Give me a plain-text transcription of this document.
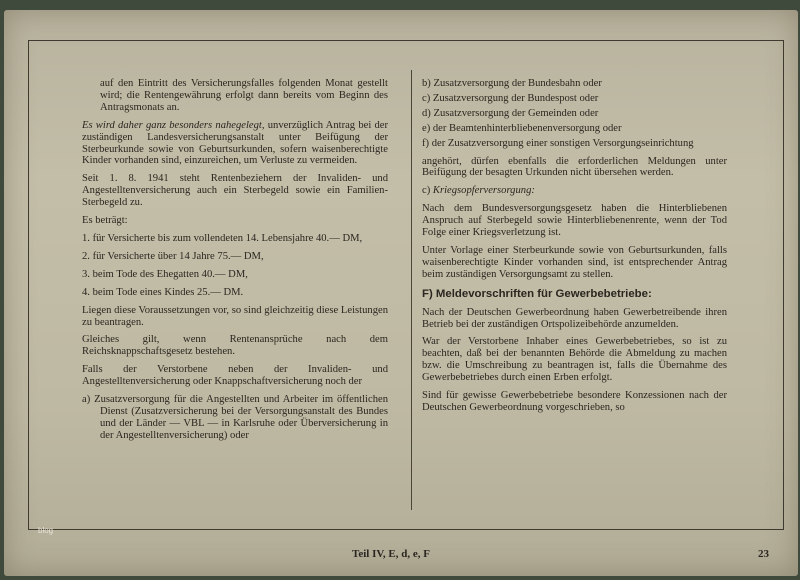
auf den Eintritt des Versicherungsfalles folgenden Monat gestellt wird; die Rentengewährung erfolgt dann bereits vom Beginn des Antragsmonats an.

Es wird daher ganz besonders nahegelegt, unverzüglich Antrag bei der zuständigen Landesversicherungsanstalt unter Beifügung der Sterbeurkunde sowie von Geburtsurkunden, sofern waisenberechtigte Kinder vorhanden sind, einzureichen, um Verluste zu vermeiden.

Seit 1. 8. 1941 steht Rentenbeziehern der Invaliden- und Angestelltenversicherung auch ein Sterbegeld sowie ein Familien-Sterbegeld zu.

Es beträgt:

1. für Versicherte bis zum vollendeten 14. Lebensjahre 40.— DM,

2. für Versicherte über 14 Jahre 75.— DM,

3. beim Tode des Ehegatten 40.— DM,

4. beim Tode eines Kindes 25.— DM.

Liegen diese Voraussetzungen vor, so sind gleichzeitig diese Leistungen zu beantragen.

Gleiches gilt, wenn Rentenansprüche nach dem Reichsknappschaftsgesetz bestehen.

Falls der Verstorbene neben der Invaliden- und Angestelltenversicherung oder Knappschaftversicherung noch der

a) Zusatzversorgung für die Angestellten und Arbeiter im öffentlichen Dienst (Zusatzversicherung bei der Versorgungsanstalt des Bundes und der Länder — VBL — in Karlsruhe oder Überversicherung in der Angestelltenversicherung) oder

b) Zusatzversorgung der Bundesbahn oder

c) Zusatzversorgung der Bundespost oder

d) Zusatzversorgung der Gemeinden oder

e) der Beamtenhinterbliebenenversorgung oder

f) der Zusatzversorgung einer sonstigen Versorgungseinrichtung

angehört, dürfen ebenfalls die erforderlichen Meldungen unter Beifügung der besagten Urkunden nicht übersehen werden.

c) Kriegsopferversorgung:

Nach dem Bundesversorgungsgesetz haben die Hinterbliebenen Anspruch auf Sterbegeld sowie Hinterbliebenenrente, wenn der Tod Folge einer Kriegsverletzung ist.

Unter Vorlage einer Sterbeurkunde sowie von Geburtsurkunden, falls waisenberechtigte Kinder vorhanden sind, ist entsprechender Antrag beim zuständigen Versorgungsamt zu stellen.

F) Meldevorschriften für Gewerbebetriebe:

Nach der Deutschen Gewerbeordnung haben Gewerbetreibende ihren Betrieb bei der zuständigen Ortspolizeibehörde anzumelden.

War der Verstorbene Inhaber eines Gewerbebetriebes, so ist zu beachten, daß bei der benannten Behörde die Abmeldung zu machen bzw. die Umschreibung zu beantragen ist, falls die Übernahme des Gewerbebetriebes durch einen Erben erfolgt.

Sind für gewisse Gewerbebetriebe besondere Konzessionen nach der Deutschen Gewerbeordnung vorgeschrieben, so

Teil IV, E, d, e, F	23
blog
